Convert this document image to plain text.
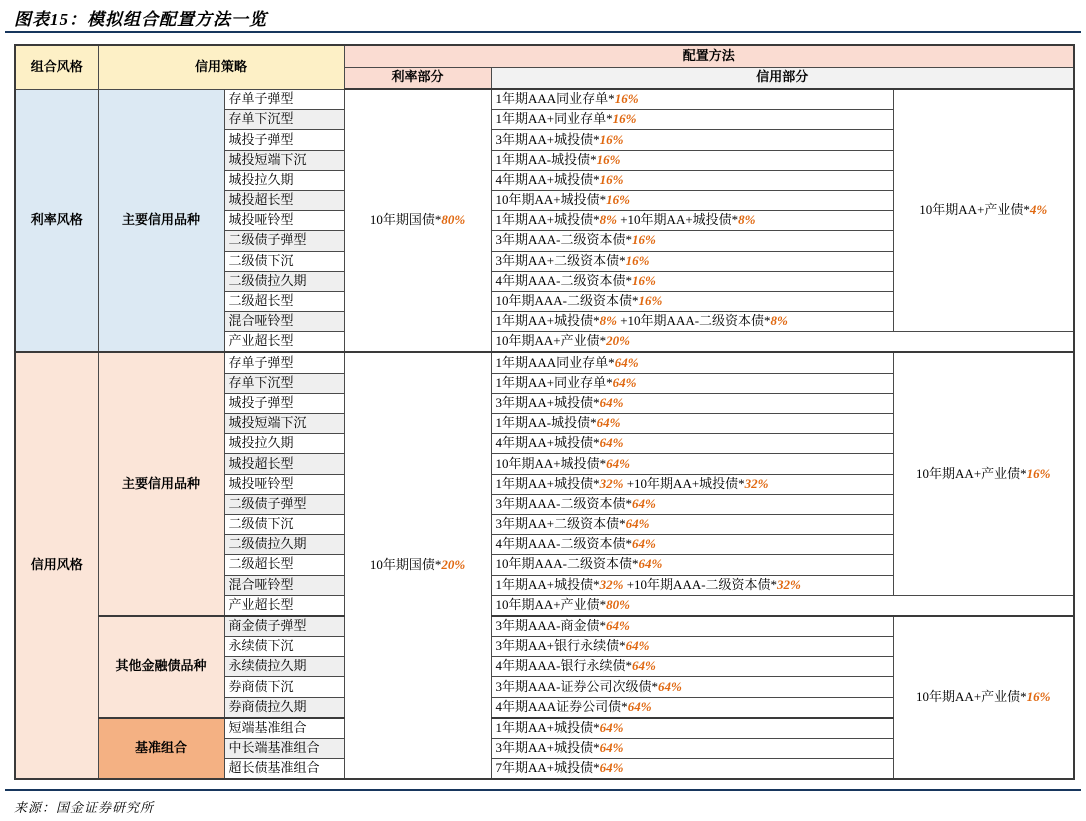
图表15：模拟组合配置方法一览
组合风格	信用策略		配置方法		
			利率部分	信用部分	
利率风格	主要信用品种	存单子弹型	10年期国债*80%	1年期AAA同业存单*16%	10年期AA+产业债*4%
		存单下沉型		1年期AA+同业存单*16%	
		城投子弹型		3年期AA+城投债*16%	
		城投短端下沉		1年期AA-城投债*16%	
		城投拉久期		4年期AA+城投债*16%	
		城投超长型		10年期AA+城投债*16%	
		城投哑铃型		1年期AA+城投债*8% +10年期AA+城投债*8%	
		二级债子弹型		3年期AAA-二级资本债*16%	
		二级债下沉		3年期AA+二级资本债*16%	
		二级债拉久期		4年期AAA-二级资本债*16%	
		二级超长型		10年期AAA-二级资本债*16%	
		混合哑铃型		1年期AA+城投债*8% +10年期AAA-二级资本债*8%	
		产业超长型		10年期AA+产业债*20%	
信用风格	主要信用品种	存单子弹型	10年期国债*20%	1年期AAA同业存单*64%	10年期AA+产业债*16%
		存单下沉型		1年期AA+同业存单*64%	
		城投子弹型		3年期AA+城投债*64%	
		城投短端下沉		1年期AA-城投债*64%	
		城投拉久期		4年期AA+城投债*64%	
		城投超长型		10年期AA+城投债*64%	
		城投哑铃型		1年期AA+城投债*32% +10年期AA+城投债*32%	
		二级债子弹型		3年期AAA-二级资本债*64%	
		二级债下沉		3年期AA+二级资本债*64%	
		二级债拉久期		4年期AAA-二级资本债*64%	
		二级超长型		10年期AAA-二级资本债*64%	
		混合哑铃型		1年期AA+城投债*32% +10年期AAA-二级资本债*32%	
		产业超长型		10年期AA+产业债*80%	
	其他金融债品种	商金债子弹型		3年期AAA-商金债*64%	10年期AA+产业债*16%
		永续债下沉		3年期AA+银行永续债*64%	
		永续债拉久期		4年期AAA-银行永续债*64%	
		券商债下沉		3年期AAA-证券公司次级债*64%	
		券商债拉久期		4年期AAA证券公司债*64%	
	基准组合	短端基准组合		1年期AA+城投债*64%	
		中长端基准组合		3年期AA+城投债*64%	
		超长债基准组合		7年期AA+城投债*64%	
来源：国金证券研究所
